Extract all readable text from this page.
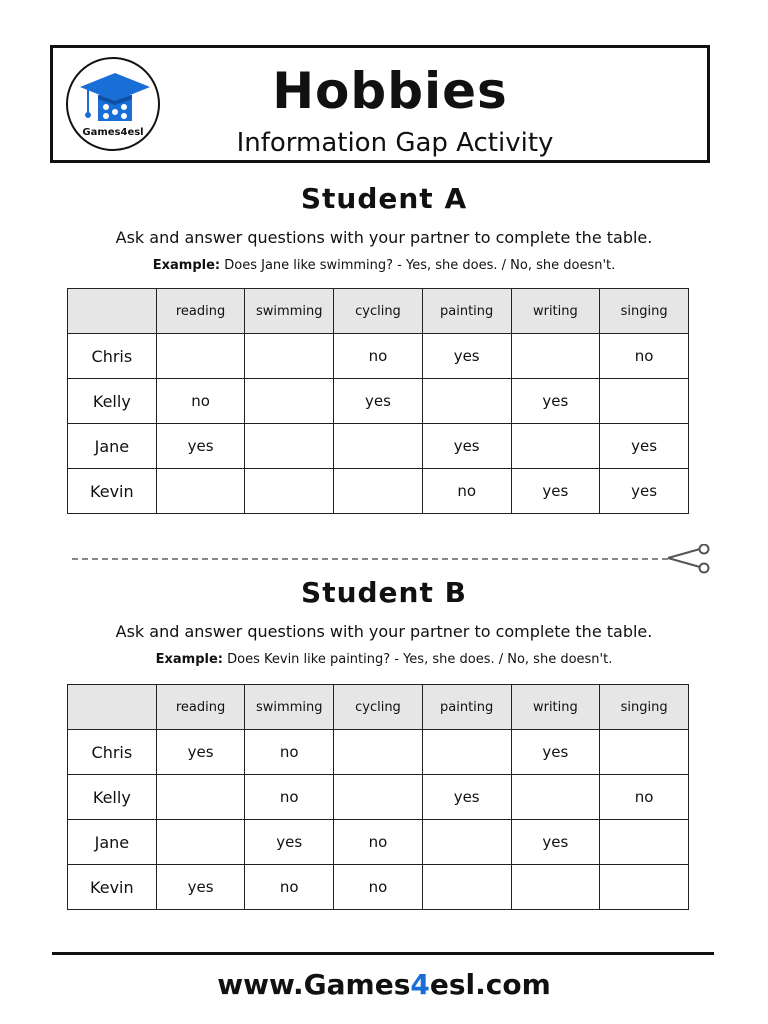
Games4esl
Hobbies
Information Gap Activity
Student A
Ask and answer questions with your partner to complete the table.
Example: Does Jane like swimming? - Yes, she does. / No, she doesn't.
	reading	swimming	cycling	painting	writing	singing
Chris			no	yes		no
Kelly	no		yes		yes	
Jane	yes			yes		yes
Kevin				no	yes	yes
Student B
Ask and answer questions with your partner to complete the table.
Example: Does Kevin like painting? - Yes, she does. / No, she doesn't.
	reading	swimming	cycling	painting	writing	singing
Chris	yes	no			yes	
Kelly		no		yes		no
Jane		yes	no		yes	
Kevin	yes	no	no			
www.Games4esl.com
